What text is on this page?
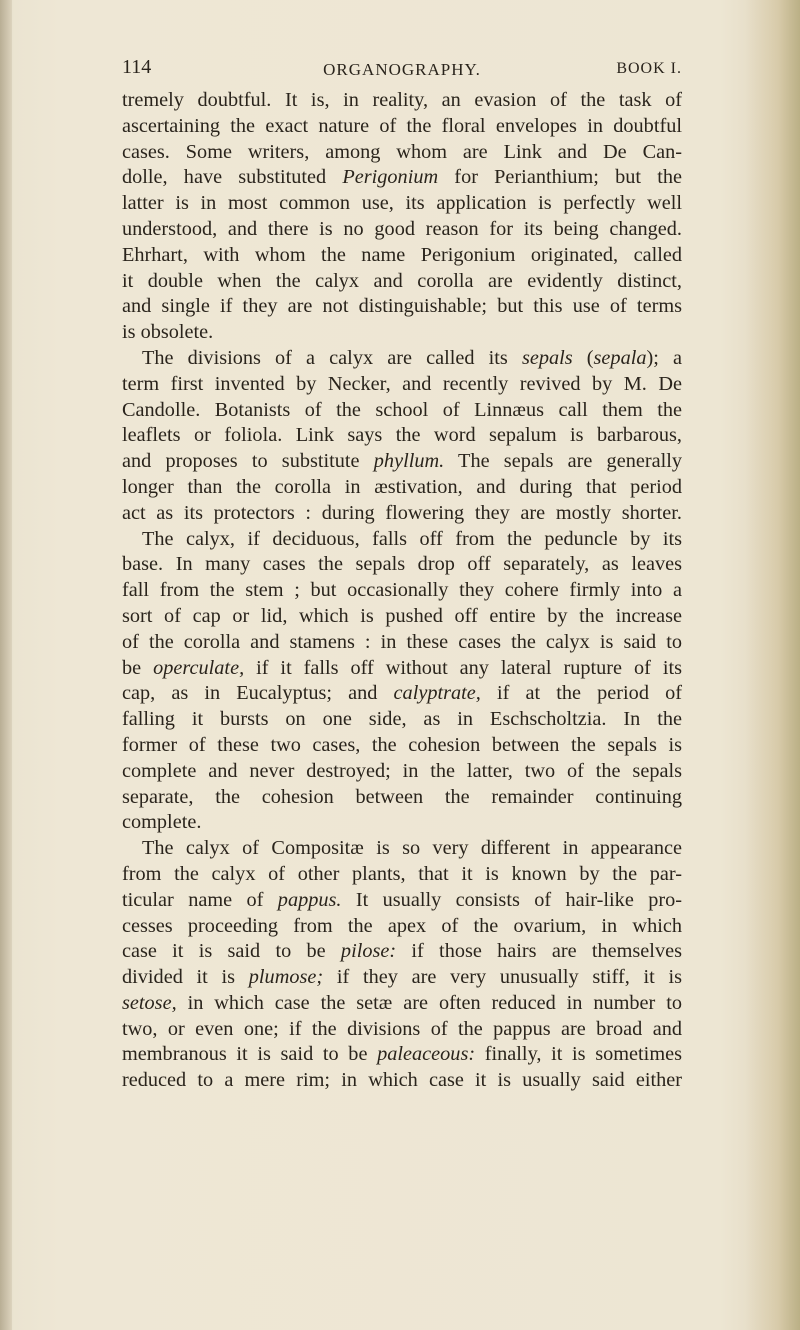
114	ORGANOGRAPHY.	BOOK I.
tremely doubtful. It is, in reality, an evasion of the task of
ascertaining the exact nature of the floral envelopes in doubtful
cases. Some writers, among whom are Link and De Can-
dolle, have substituted Perigonium for Perianthium; but the
latter is in most common use, its application is perfectly well
understood, and there is no good reason for its being changed.
Ehrhart, with whom the name Perigonium originated, called
it double when the calyx and corolla are evidently distinct,
and single if they are not distinguishable; but this use of terms
is obsolete.
The divisions of a calyx are called its sepals (sepala); a
term first invented by Necker, and recently revived by M. De
Candolle. Botanists of the school of Linnæus call them the
leaflets or foliola. Link says the word sepalum is barbarous,
and proposes to substitute phyllum. The sepals are generally
longer than the corolla in æstivation, and during that period
act as its protectors : during flowering they are mostly shorter.
The calyx, if deciduous, falls off from the peduncle by its
base. In many cases the sepals drop off separately, as leaves
fall from the stem ; but occasionally they cohere firmly into a
sort of cap or lid, which is pushed off entire by the increase
of the corolla and stamens : in these cases the calyx is said to
be operculate, if it falls off without any lateral rupture of its
cap, as in Eucalyptus; and calyptrate, if at the period of
falling it bursts on one side, as in Eschscholtzia. In the
former of these two cases, the cohesion between the sepals is
complete and never destroyed; in the latter, two of the sepals
separate, the cohesion between the remainder continuing
complete.
The calyx of Compositæ is so very different in appearance
from the calyx of other plants, that it is known by the par-
ticular name of pappus. It usually consists of hair-like pro-
cesses proceeding from the apex of the ovarium, in which
case it is said to be pilose: if those hairs are themselves
divided it is plumose; if they are very unusually stiff, it is
setose, in which case the setæ are often reduced in number to
two, or even one; if the divisions of the pappus are broad and
membranous it is said to be paleaceous: finally, it is sometimes
reduced to a mere rim; in which case it is usually said either
